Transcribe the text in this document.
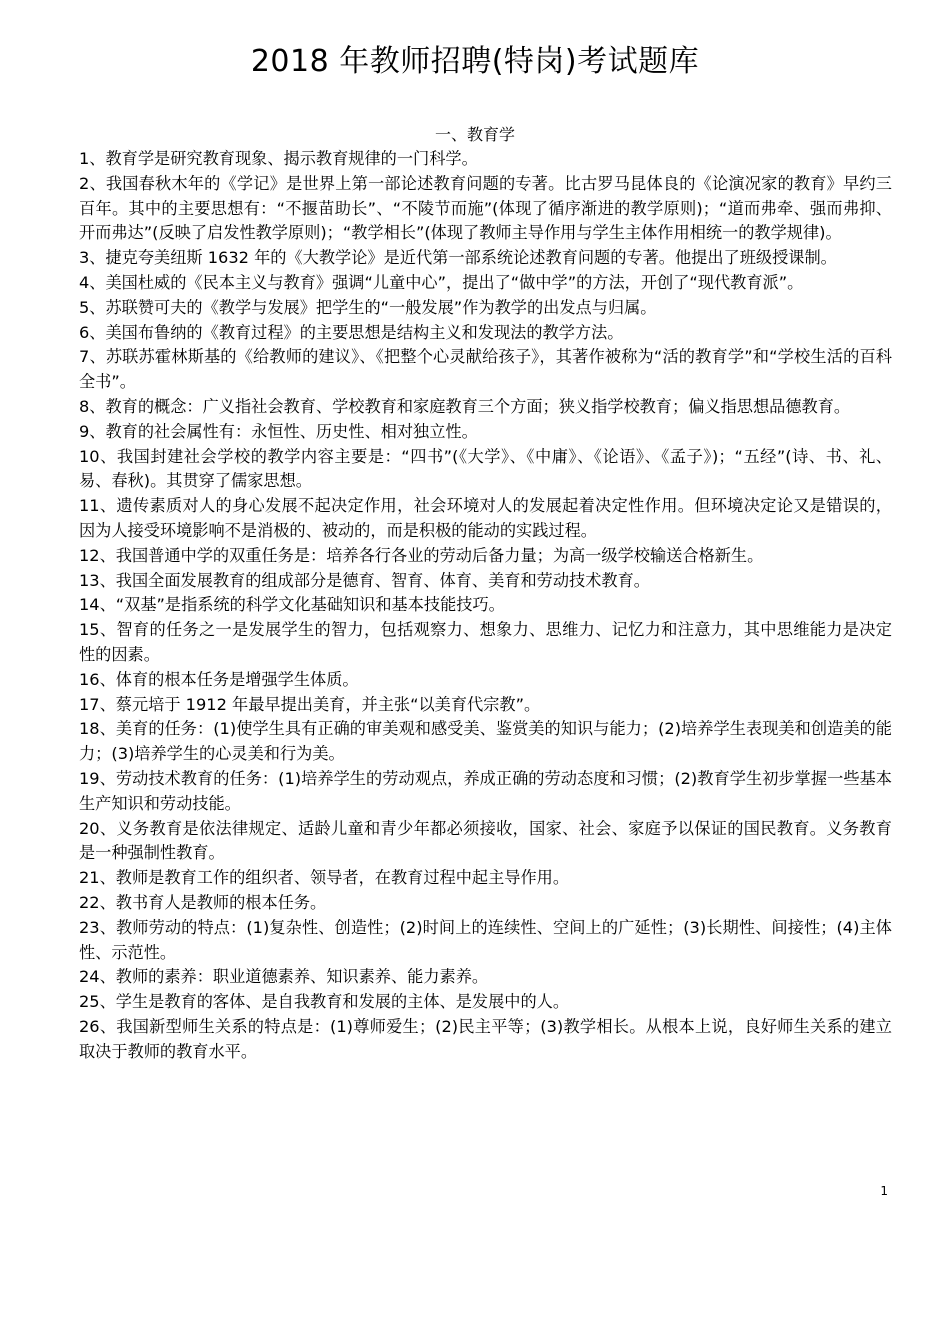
2018 年教师招聘(特岗)考试题库
一、教育学
1、教育学是研究教育现象、揭示教育规律的一门科学。
2、我国春秋木年的《学记》是世界上第一部论述教育问题的专著。比古罗马昆体良的《论演况家的教育》早约三百年。其中的主要思想有：“不揠苗助长”、“不陵节而施”(体现了循序渐进的教学原则)；“道而弗牵、强而弗抑、开而弗达”(反映了启发性教学原则)；“教学相长”(体现了教师主导作用与学生主体作用相统一的教学规律)。
3、捷克夸美纽斯 1632 年的《大教学论》是近代第一部系统论述教育问题的专著。他提出了班级授课制。
4、美国杜威的《民本主义与教育》强调“儿童中心”，提出了“做中学”的方法，开创了“现代教育派”。
5、苏联赞可夫的《教学与发展》把学生的“一般发展”作为教学的出发点与归属。
6、美国布鲁纳的《教育过程》的主要思想是结构主义和发现法的教学方法。
7、苏联苏霍林斯基的《给教师的建议》、《把整个心灵献给孩子》，其著作被称为“活的教育学”和“学校生活的百科全书”。
8、教育的概念：广义指社会教育、学校教育和家庭教育三个方面；狭义指学校教育；偏义指思想品德教育。
9、教育的社会属性有：永恒性、历史性、相对独立性。
10、我国封建社会学校的教学内容主要是：“四书”(《大学》、《中庸》、《论语》、《孟子》)；“五经”(诗、书、礼、易、春秋)。其贯穿了儒家思想。
11、遗传素质对人的身心发展不起决定作用，社会环境对人的发展起着决定性作用。但环境决定论又是错误的，因为人接受环境影响不是消极的、被动的，而是积极的能动的实践过程。
12、我国普通中学的双重任务是：培养各行各业的劳动后备力量；为高一级学校输送合格新生。
13、我国全面发展教育的组成部分是德育、智育、体育、美育和劳动技术教育。
14、“双基”是指系统的科学文化基础知识和基本技能技巧。
15、智育的任务之一是发展学生的智力，包括观察力、想象力、思维力、记忆力和注意力，其中思维能力是决定性的因素。
16、体育的根本任务是增强学生体质。
17、蔡元培于 1912 年最早提出美育，并主张“以美育代宗教”。
18、美育的任务：(1)使学生具有正确的审美观和感受美、鉴赏美的知识与能力；(2)培养学生表现美和创造美的能力；(3)培养学生的心灵美和行为美。
19、劳动技术教育的任务：(1)培养学生的劳动观点，养成正确的劳动态度和习惯；(2)教育学生初步掌握一些基本生产知识和劳动技能。
20、义务教育是依法律规定、适龄儿童和青少年都必须接收，国家、社会、家庭予以保证的国民教育。义务教育是一种强制性教育。
21、教师是教育工作的组织者、领导者，在教育过程中起主导作用。
22、教书育人是教师的根本任务。
23、教师劳动的特点：(1)复杂性、创造性；(2)时间上的连续性、空间上的广延性；(3)长期性、间接性；(4)主体性、示范性。
24、教师的素养：职业道德素养、知识素养、能力素养。
25、学生是教育的客体、是自我教育和发展的主体、是发展中的人。
26、我国新型师生关系的特点是：(1)尊师爱生；(2)民主平等；(3)教学相长。从根本上说，良好师生关系的建立取决于教师的教育水平。
1
